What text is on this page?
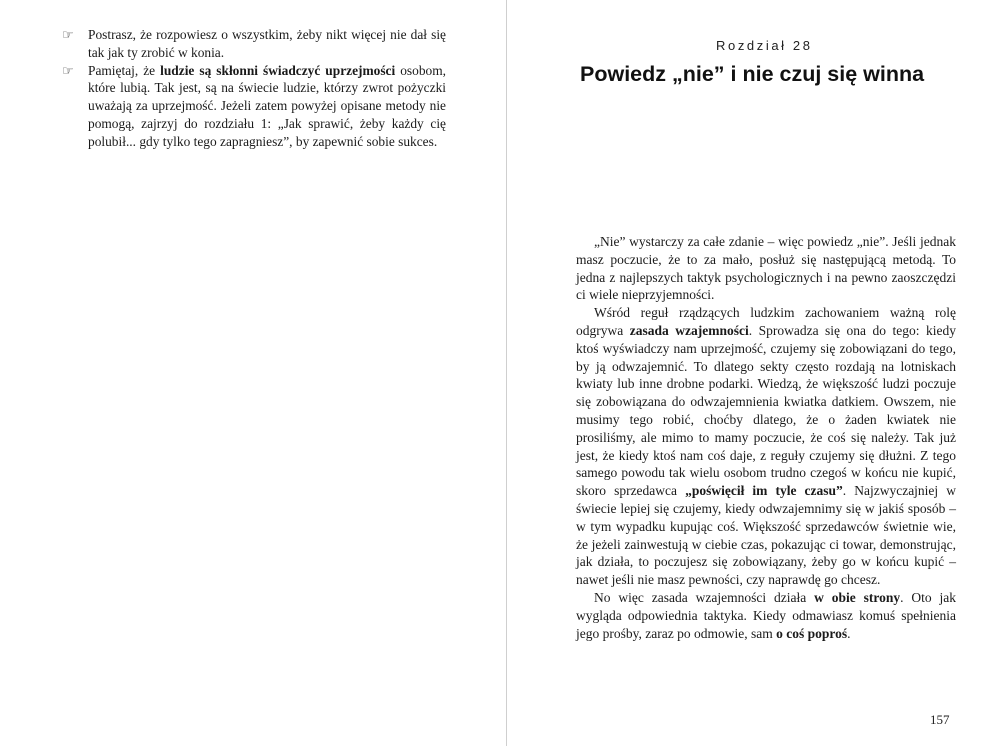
☞ Postrasz, że rozpowiesz o wszystkim, żeby nikt więcej nie dał się tak jak ty zrobić w konia.
☞ Pamiętaj, że ludzie są skłonni świadczyć uprzejmości osobom, które lubią. Tak jest, są na świecie ludzie, którzy zwrot pożyczki uważają za uprzejmość. Jeżeli zatem powyżej opisane metody nie pomogą, zajrzyj do rozdziału 1: „Jak sprawić, żeby każdy cię polubił... gdy tylko tego zapragniesz”, by zapewnić sobie sukces.
Rozdział 28
Powiedz „nie” i nie czuj się winna

„Nie” wystarczy za całe zdanie – więc powiedz „nie”. Jeśli jednak masz poczucie, że to za mało, posłuż się następującą metodą. To jedna z najlepszych taktyk psychologicznych i na pewno zaoszczędzi ci wiele nieprzyjemności.

Wśród reguł rządzących ludzkim zachowaniem ważną rolę odgrywa zasada wzajemności. Sprowadza się ona do tego: kiedy ktoś wyświadczy nam uprzejmość, czujemy się zobowiązani do tego, by ją odwzajemnić. To dlatego sekty często rozdają na lotniskach kwiaty lub inne drobne podarki. Wiedzą, że większość ludzi poczuje się zobowiązana do odwzajemnienia kwiatka datkiem. Owszem, nie musimy tego robić, choćby dlatego, że o żaden kwiatek nie prosiliśmy, ale mimo to mamy poczucie, że coś się należy. Tak już jest, że kiedy ktoś nam coś daje, z reguły czujemy się dłużni. Z tego samego powodu tak wielu osobom trudno czegoś w końcu nie kupić, skoro sprzedawca „poświęcił im tyle czasu”. Najzwyczajniej w świecie lepiej się czujemy, kiedy odwzajemnimy się w jakiś sposób – w tym wypadku kupując coś. Większość sprzedawców świetnie wie, że jeżeli zainwestują w ciebie czas, pokazując ci towar, demonstrując, jak działa, to poczujesz się zobowiązany, żeby go w końcu kupić – nawet jeśli nie masz pewności, czy naprawdę go chcesz.

No więc zasada wzajemności działa w obie strony. Oto jak wygląda odpowiednia taktyka. Kiedy odmawiasz komuś spełnienia jego prośby, zaraz po odmowie, sam o coś poproś.

157
